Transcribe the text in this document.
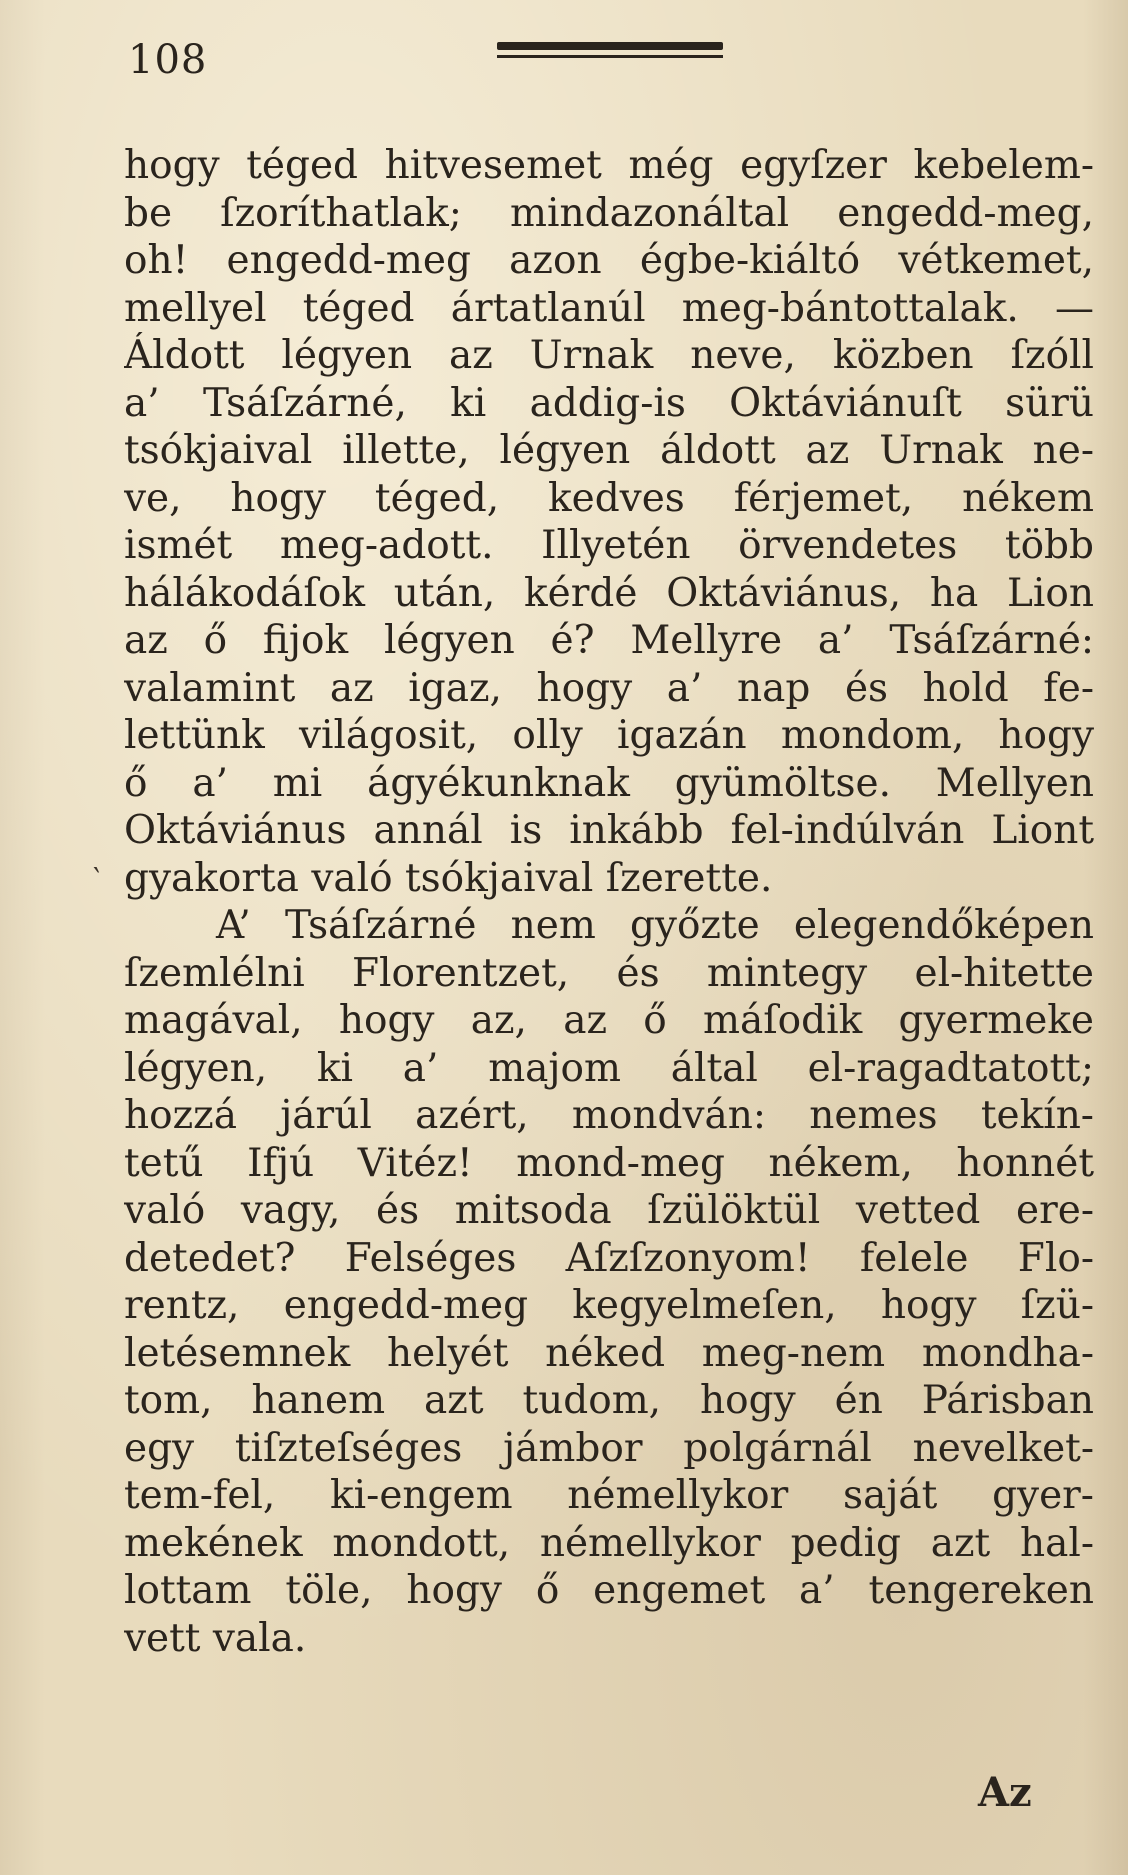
108
‵
hogy téged hitvesemet még egyſzer kebelem-
be ſzoríthatlak; mindazonáltal engedd-meg,
oh! engedd-meg azon égbe-kiáltó vétkemet,
mellyel téged ártatlanúl meg-bántottalak. —
Áldott légyen az Urnak neve, közben ſzóll
a’ Tsáſzárné, ki addig-is Oktáviánuſt sürü
tsókjaival illette, légyen áldott az Urnak ne-
ve, hogy téged, kedves férjemet, nékem
ismét meg-adott. Illyetén örvendetes több
hálákodáſok után, kérdé Oktáviánus, ha Lion
az ő fijok légyen é? Mellyre a’ Tsáſzárné:
valamint az igaz, hogy a’ nap és hold fe-
lettünk világosit, olly igazán mondom, hogy
ő a’ mi ágyékunknak gyümöltse. Mellyen
Oktáviánus annál is inkább fel-indúlván Liont
gyakorta való tsókjaival ſzerette.
A’ Tsáſzárné nem győzte elegendőképen
ſzemlélni Florentzet, és mintegy el-hitette
magával, hogy az, az ő máſodik gyermeke
légyen, ki a’ majom által el-ragadtatott;
hozzá járúl azért, mondván: nemes tekín-
tetű Ifjú Vitéz! mond-meg nékem, honnét
való vagy, és mitsoda ſzülöktül vetted ere-
detedet? Felséges Aſzſzonyom! felele Flo-
rentz, engedd-meg kegyelmeſen, hogy ſzü-
letésemnek helyét néked meg-nem mondha-
tom, hanem azt tudom, hogy én Párisban
egy tiſzteſséges jámbor polgárnál nevelket-
tem-fel, ki-engem némellykor saját gyer-
mekének mondott, némellykor pedig azt hal-
lottam töle, hogy ő engemet a’ tengereken
vett vala.
Az
